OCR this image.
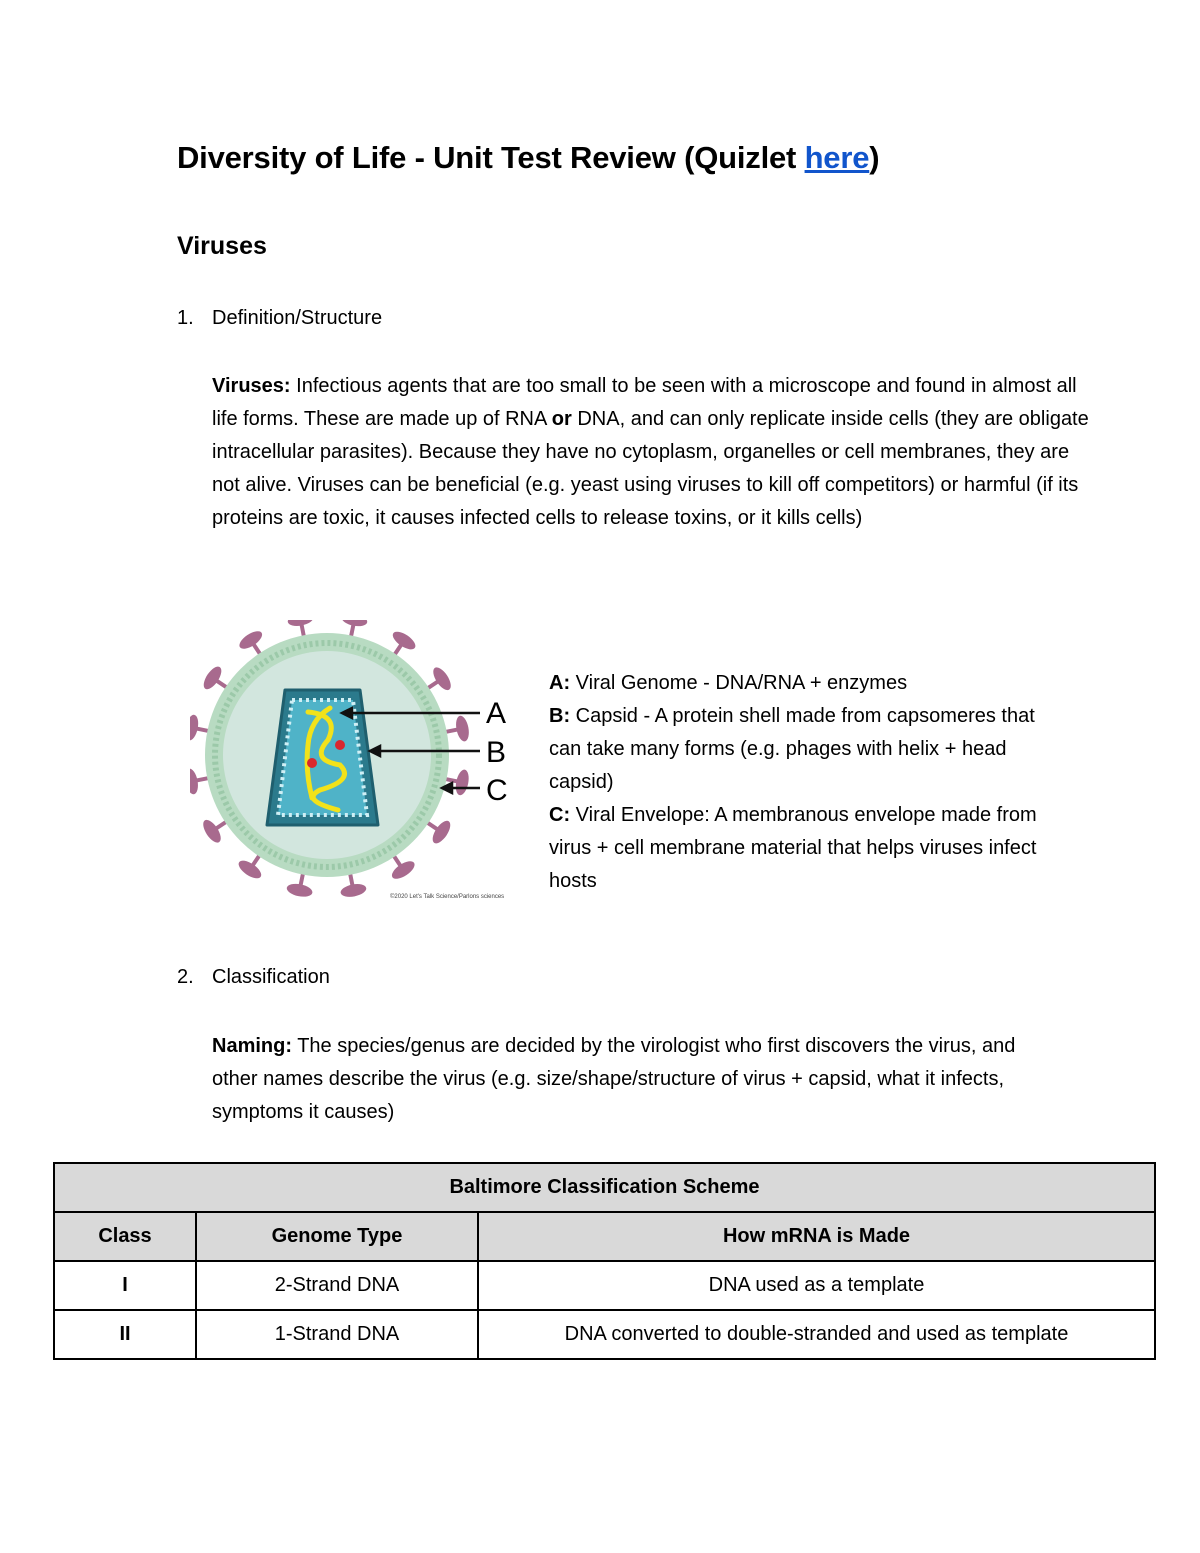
Diversity of Life - Unit Test Review (Quizlet here)
Viruses
1. Definition/Structure

Viruses: Infectious agents that are too small to be seen with a microscope and found in almost all life forms. These are made up of RNA or DNA, and can only replicate inside cells (they are obligate intracellular parasites). Because they have no cytoplasm, organelles or cell membranes, they are not alive. Viruses can be beneficial (e.g. yeast using viruses to kill off competitors) or harmful (if its proteins are toxic, it causes infected cells to release toxins, or it kills cells)

A
B
C
©2020 Let's Talk Science/Parlons sciences

A: Viral Genome - DNA/RNA + enzymes

B: Capsid - A protein shell made from capsomeres that can take many forms (e.g. phages with helix + head capsid)

C: Viral Envelope: A membranous envelope made from virus + cell membrane material that helps viruses infect hosts

2. Classification

Naming: The species/genus are decided by the virologist who first discovers the virus, and other names describe the virus (e.g. size/shape/structure of virus + capsid, what it infects, symptoms it causes)

Baltimore Classification Scheme		
Class	Genome Type	How mRNA is Made
I	2-Strand DNA	DNA used as a template
II	1-Strand DNA	DNA converted to double-stranded and used as template
